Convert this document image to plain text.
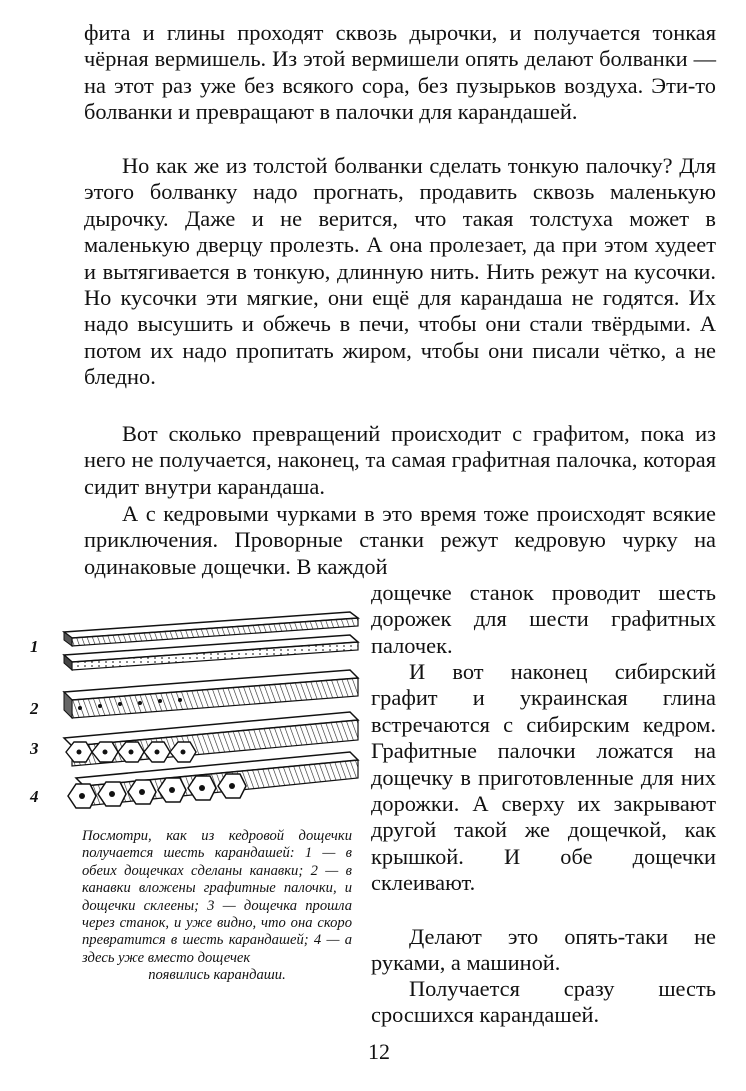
фита и глины проходят сквозь дырочки, и получается тонкая чёрная вермишель. Из этой вермишели опять делают болванки — на этот раз уже без всякого сора, без пузырьков воздуха. Эти-то болванки и превращают в палочки для карандашей.

Но как же из толстой болванки сделать тонкую палочку? Для этого болванку надо прогнать, продавить сквозь маленькую дырочку. Даже и не верится, что такая толстуха может в маленькую дверцу пролезть. А она пролезает, да при этом худеет и вытягивается в тонкую, длинную нить. Нить режут на кусочки. Но кусочки эти мягкие, они ещё для карандаша не годятся. Их надо высушить и обжечь в печи, чтобы они стали твёрдыми. А потом их надо пропитать жиром, чтобы они писали чётко, а не бледно.

Вот сколько превращений происходит с графитом, пока из него не получается, наконец, та самая графитная палочка, которая сидит внутри карандаша.

А с кедровыми чурками в это время тоже происходят всякие приключения. Проворные станки режут кедровую чурку на одинаковые дощечки. В каждой

дощечке станок проводит шесть дорожек для шести графитных палочек.

И вот наконец сибирский графит и украинская глина встречаются с сибирским кедром. Графитные палочки ложатся на дощечку в приготовленные для них дорожки. А сверху их закрывают другой такой же дощечкой, как крышкой. И обе дощечки склеивают.

Делают это опять-таки не руками, а машиной.

Получается сразу шесть сросшихся карандашей.

1
2
3
4
Посмотри, как из кедровой дощечки получается шесть карандашей: 1 — в обеих дощечках сделаны канавки; 2 — в канавки вложены графитные палочки, и дощечки склеены; 3 — дощечка прошла через станок, и уже видно, что она скоро превратится в шесть карандашей; 4 — а здесь уже вместо дощечек
появились карандаши.
12
